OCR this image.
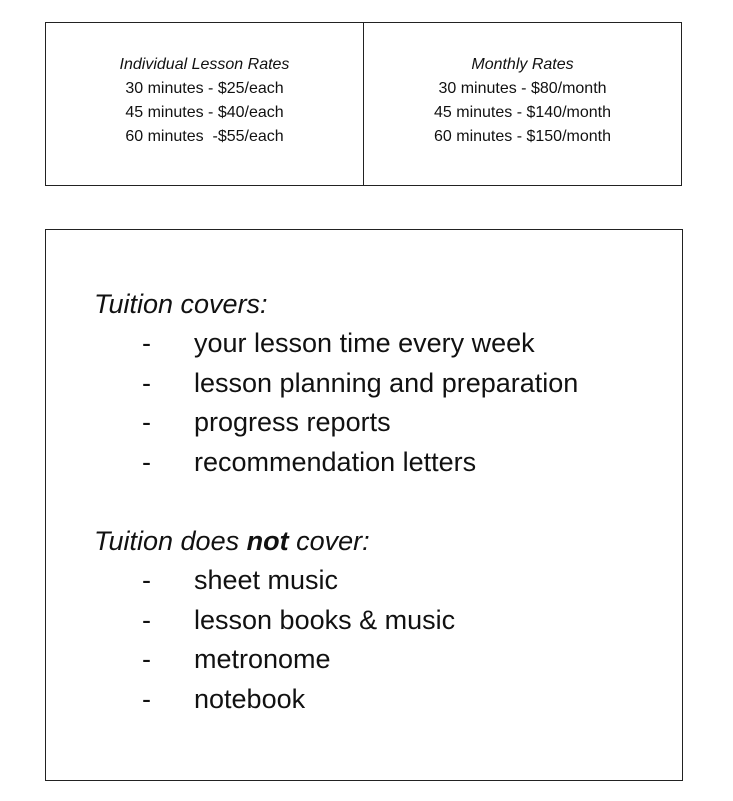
Individual Lesson Rates
30 minutes - $25/each
45 minutes - $40/each
60 minutes  -$55/each
Monthly Rates
30 minutes - $80/month
45 minutes - $140/month
60 minutes - $150/month
Tuition covers:
- your lesson time every week
- lesson planning and preparation
- progress reports
- recommendation letters
Tuition does not cover:
- sheet music
- lesson books & music
- metronome
- notebook
